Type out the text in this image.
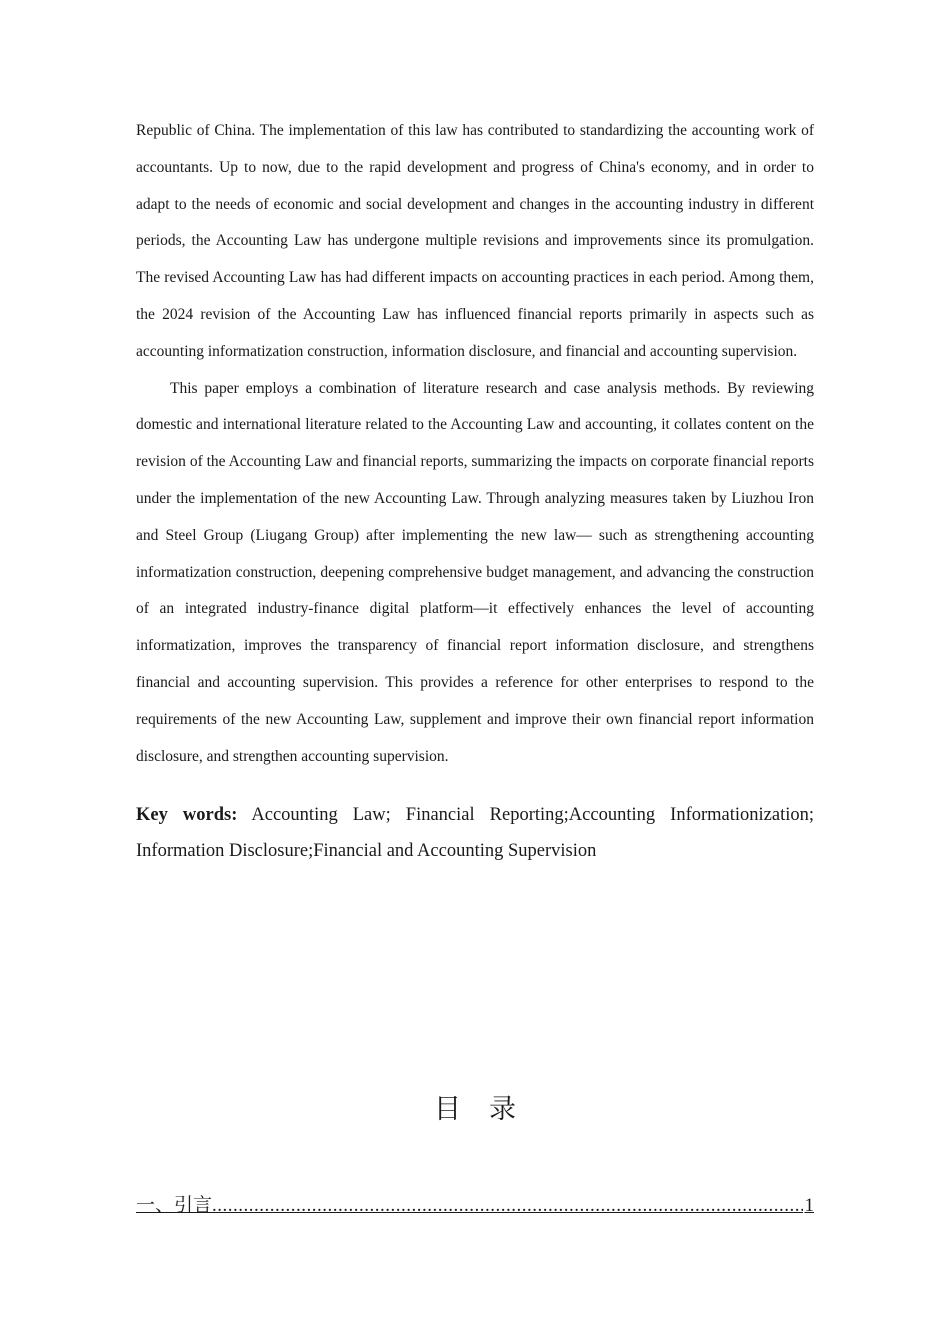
Republic of China. The implementation of this law has contributed to standardizing the accounting work of accountants. Up to now, due to the rapid development and progress of China's economy, and in order to adapt to the needs of economic and social development and changes in the accounting industry in different periods, the Accounting Law has undergone multiple revisions and improvements since its promulgation. The revised Accounting Law has had different impacts on accounting practices in each period. Among them, the 2024 revision of the Accounting Law has influenced financial reports primarily in aspects such as accounting informatization construction, information disclosure, and financial and accounting supervision.

This paper employs a combination of literature research and case analysis methods. By reviewing domestic and international literature related to the Accounting Law and accounting, it collates content on the revision of the Accounting Law and financial reports, summarizing the impacts on corporate financial reports under the implementation of the new Accounting Law. Through analyzing measures taken by Liuzhou Iron and Steel Group (Liugang Group) after implementing the new law— such as strengthening accounting informatization construction, deepening comprehensive budget management, and advancing the construction of an integrated industry-finance digital platform—it effectively enhances the level of accounting informatization, improves the transparency of financial report information disclosure, and strengthens financial and accounting supervision. This provides a reference for other enterprises to respond to the requirements of the new Accounting Law, supplement and improve their own financial report information disclosure, and strengthen accounting supervision.

Key words: Accounting Law; Financial Reporting;Accounting Informationization; Information Disclosure;Financial and Accounting Supervision

目录
一、引言
.....	1
